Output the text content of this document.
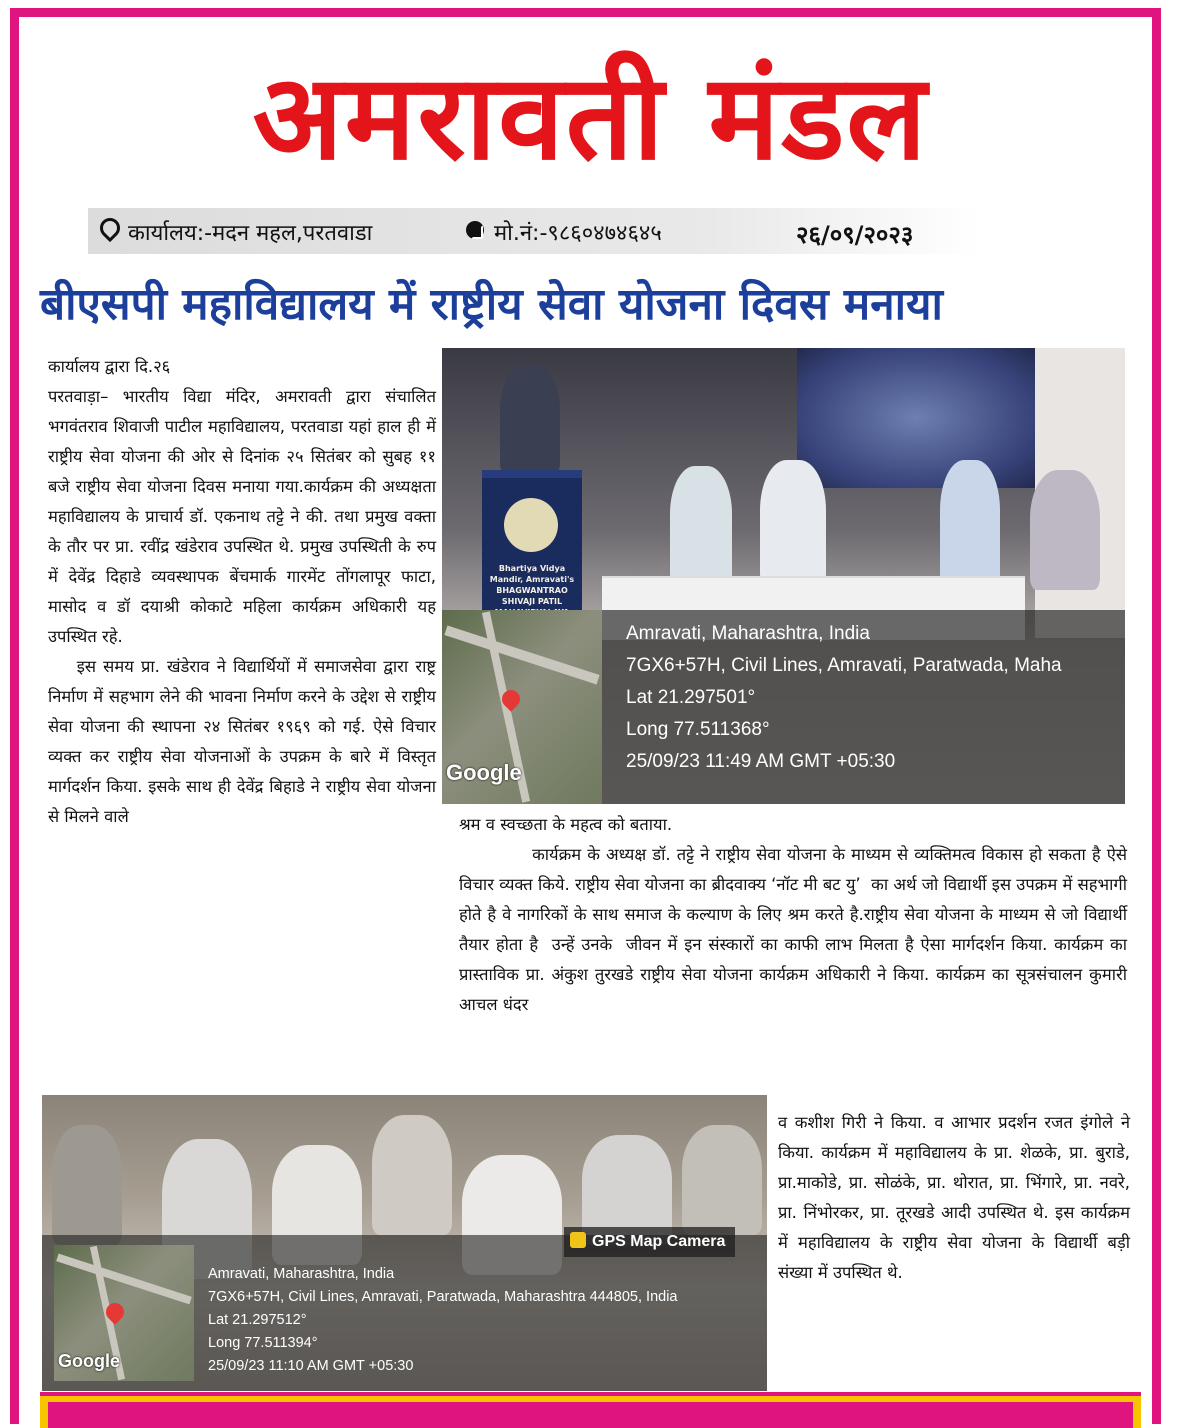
अमरावती मंडल
कार्यालय:-मदन महल,परतवाडा	मो.नं:-९८६०४७४६४५	२६/०९/२०२३
बीएसपी महाविद्यालय में राष्ट्रीय सेवा योजना दिवस मनाया

कार्यालय द्वारा दि.२६

परतवाड़ा– भारतीय विद्या मंदिर, अमरावती द्वारा संचालित भगवंतराव शिवाजी पाटील महाविद्यालय, परतवाडा यहां हाल ही में राष्ट्रीय सेवा योजना की ओर से दिनांक २५ सितंबर को सुबह ११ बजे राष्ट्रीय सेवा योजना दिवस मनाया गया.कार्यक्रम की अध्यक्षता महाविद्यालय के प्राचार्य डॉ. एकनाथ तट्टे ने की. तथा प्रमुख वक्ता के तौर पर प्रा. रवींद्र खंडेराव उपस्थित थे. प्रमुख उपस्थिती के रुप में देवेंद्र दिहाडे व्यवस्थापक बेंचमार्क गारमेंट तोंगलापूर फाटा, मासोद व डॉ दयाश्री कोकाटे महिला कार्यक्रम अधिकारी यह उपस्थित रहे.

इस समय प्रा. खंडेराव ने विद्यार्थियों में समाजसेवा द्वारा राष्ट्र निर्माण में सहभाग लेने की भावना निर्माण करने के उद्देश से राष्ट्रीय सेवा योजना की स्थापना २४ सितंबर १९६९ को गई. ऐसे विचार व्यक्त कर राष्ट्रीय सेवा योजनाओं के उपक्रम के बारे में विस्तृत मार्गदर्शन किया. इसके साथ ही देवेंद्र बिहाडे ने राष्ट्रीय सेवा योजना से मिलने वाले

Bhartiya Vidya Mandir, Amravati's BHAGWANTRAO SHIVAJI PATIL
Google
Amravati, Maharashtra, India
7GX6+57H, Civil Lines, Amravati, Paratwada, Maha
Lat 21.297501°
Long 77.511368°
25/09/23 11:49 AM GMT +05:30

श्रम व स्वच्छता के महत्व को बताया.

कार्यक्रम के अध्यक्ष डॉ. तट्टे ने राष्ट्रीय सेवा योजना के माध्यम से व्यक्तिमत्व विकास हो सकता है ऐसे विचार व्यक्त किये. राष्ट्रीय सेवा योजना का ब्रीदवाक्य ‘नॉट मी बट यु’  का अर्थ जो विद्यार्थी इस उपक्रम में सहभागी होते है वे नागरिकों के साथ समाज के कल्याण के लिए श्रम करते है.राष्ट्रीय सेवा योजना के माध्यम से जो विद्यार्थी तैयार होता है  उन्हें उनके  जीवन में इन संस्कारों का काफी लाभ मिलता है ऐसा मार्गदर्शन किया. कार्यक्रम का प्रास्ताविक प्रा. अंकुश तुरखडे राष्ट्रीय सेवा योजना कार्यक्रम अधिकारी ने किया. कार्यक्रम का सूत्रसंचालन कुमारी आचल धंदर

GPS Map Camera
Google
Amravati, Maharashtra, India
7GX6+57H, Civil Lines, Amravati, Paratwada, Maharashtra 444805, India
Lat 21.297512°
Long 77.511394°
25/09/23 11:10 AM GMT +05:30

व कशीश गिरी ने किया. व आभार प्रदर्शन रजत इंगोले ने किया. कार्यक्रम में महाविद्यालय के प्रा. शेळके, प्रा. बुराडे, प्रा.माकोडे, प्रा. सोळंके, प्रा. थोरात, प्रा. भिंगारे, प्रा. नवरे, प्रा. निंभोरकर, प्रा. तूरखडे आदी उपस्थित थे. इस कार्यक्रम में महाविद्यालय के राष्ट्रीय सेवा योजना के विद्यार्थी बड़ी संख्या में उपस्थित थे.
